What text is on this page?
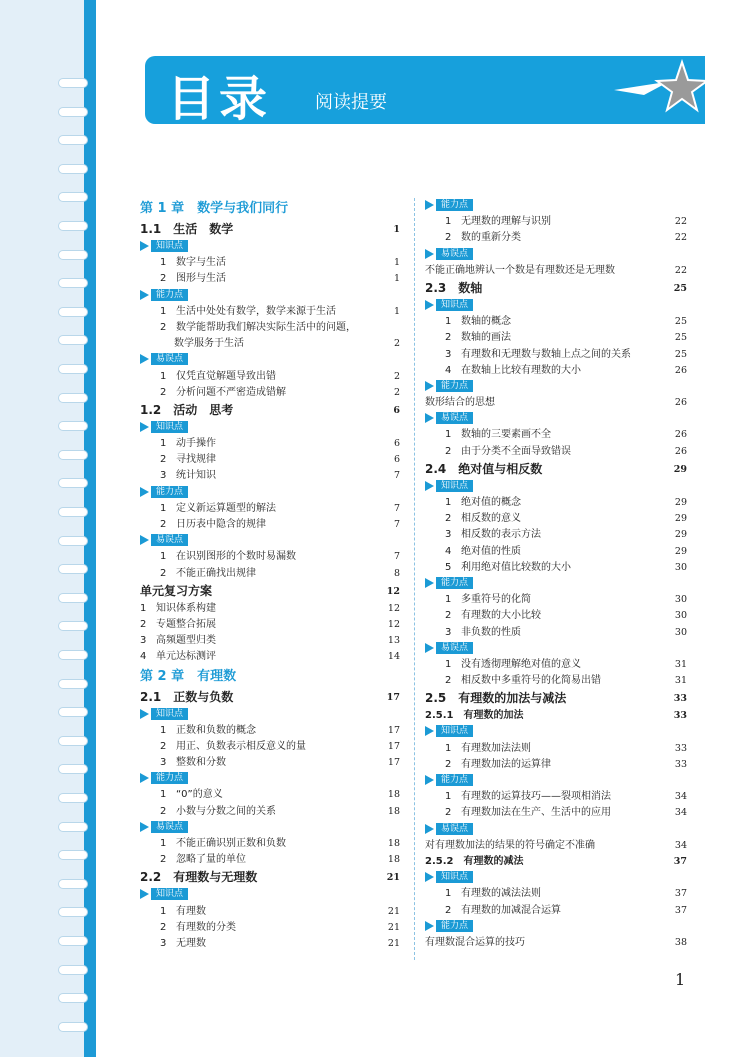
目录 阅读提要
第 1 章　数学与我们同行
1.1　生活　数学	1
知识点
1 数字与生活	1
2 图形与生活	1
能力点
1 生活中处处有数学，数学来源于生活	1
2 数学能帮助我们解决实际生活中的问题，
数学服务于生活	2
易误点
1 仅凭直觉解题导致出错	2
2 分析问题不严密造成错解	2
1.2　活动　思考	6
知识点
1 动手操作	6
2 寻找规律	6
3 统计知识	7
能力点
1 定义新运算题型的解法	7
2 日历表中隐含的规律	7
易误点
1 在识别图形的个数时易漏数	7
2 不能正确找出规律	8
单元复习方案	12
1 知识体系构建	12
2 专题整合拓展	12
3 高频题型归类	13
4 单元达标测评	14
第 2 章　有理数
2.1　正数与负数	17
知识点
1 正数和负数的概念	17
2 用正、负数表示相反意义的量	17
3 整数和分数	17
能力点
1 “0”的意义	18
2 小数与分数之间的关系	18
易误点
1 不能正确识别正数和负数	18
2 忽略了量的单位	18
2.2　有理数与无理数	21
知识点
1 有理数	21
2 有理数的分类	21
3 无理数	21
能力点
1 无理数的理解与识别	22
2 数的重新分类	22
易误点
不能正确地辨认一个数是有理数还是无理数	22
2.3　数轴	25
知识点
1 数轴的概念	25
2 数轴的画法	25
3 有理数和无理数与数轴上点之间的关系	25
4 在数轴上比较有理数的大小	26
能力点
数形结合的思想	26
易误点
1 数轴的三要素画不全	26
2 由于分类不全面导致错误	26
2.4　绝对值与相反数	29
知识点
1 绝对值的概念	29
2 相反数的意义	29
3 相反数的表示方法	29
4 绝对值的性质	29
5 利用绝对值比较数的大小	30
能力点
1 多重符号的化简	30
2 有理数的大小比较	30
3 非负数的性质	30
易误点
1 没有透彻理解绝对值的意义	31
2 相反数中多重符号的化简易出错	31
2.5　有理数的加法与减法	33
2.5.1　有理数的加法	33
知识点
1 有理数加法法则	33
2 有理数加法的运算律	33
能力点
1 有理数的运算技巧——裂项相消法	34
2 有理数加法在生产、生活中的应用	34
易误点
对有理数加法的结果的符号确定不准确	34
2.5.2　有理数的减法	37
知识点
1 有理数的减法法则	37
2 有理数的加减混合运算	37
能力点
有理数混合运算的技巧	38
1
